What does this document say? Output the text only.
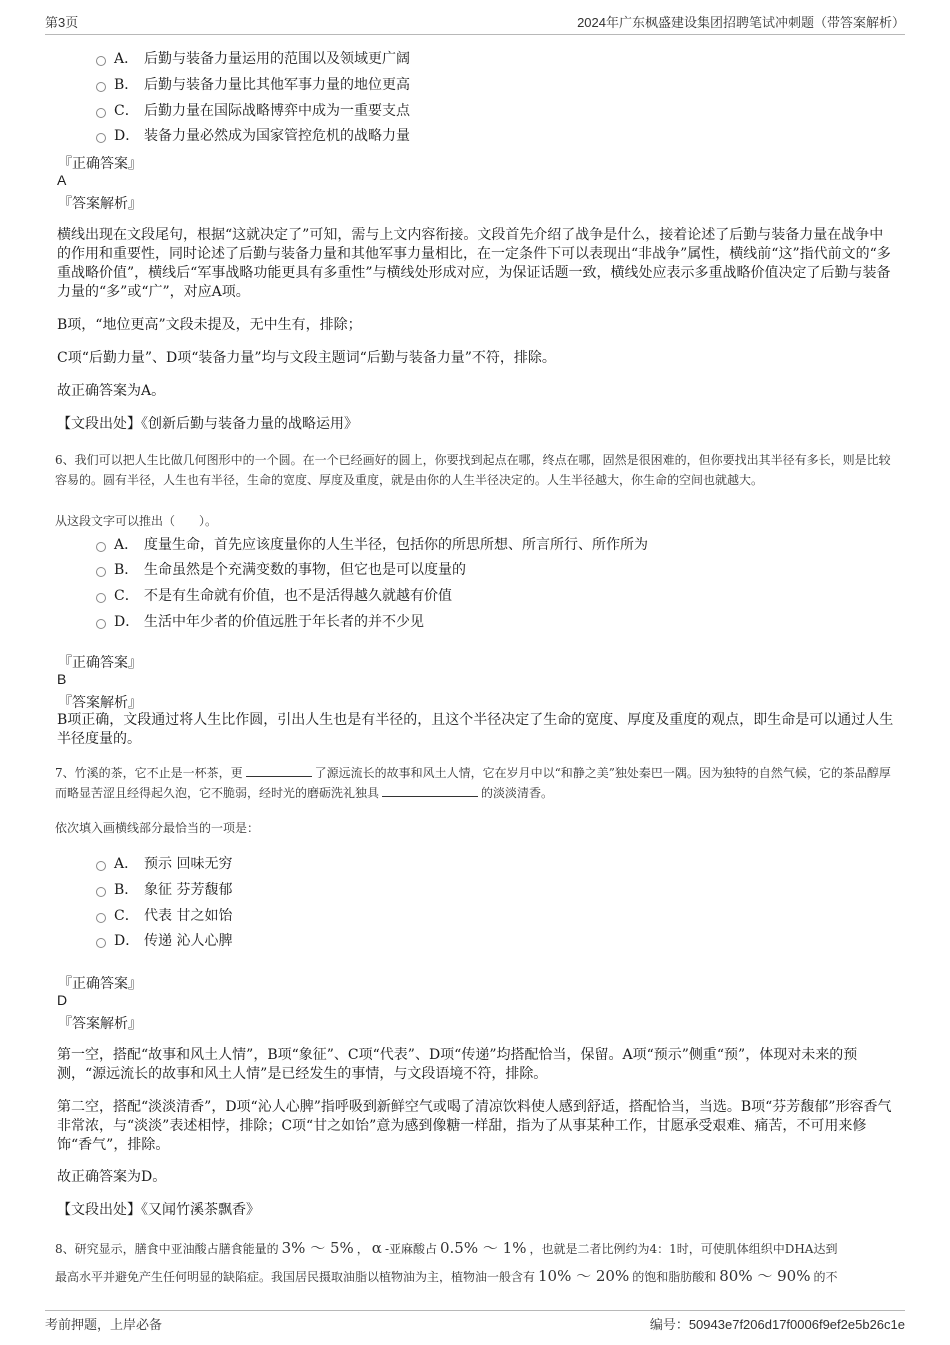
第3页	2024年广东枫盛建设集团招聘笔试冲刺题（带答案解析）
A． 后勤与装备力量运用的范围以及领域更广阔
B． 后勤与装备力量比其他军事力量的地位更高
C． 后勤力量在国际战略博弈中成为一重要支点
D． 装备力量必然成为国家管控危机的战略力量
『正确答案』
A
『答案解析』
横线出现在文段尾句，根据“这就决定了”可知，需与上文内容衔接。文段首先介绍了战争是什么，接着论述了后勤与装备力量在战争中的作用和重要性，同时论述了后勤与装备力量和其他军事力量相比，在一定条件下可以表现出“非战争”属性，横线前“这”指代前文的“多重战略价值”，横线后“军事战略功能更具有多重性”与横线处形成对应，为保证话题一致，横线处应表示多重战略价值决定了后勤与装备力量的“多”或“广”，对应A项。
B项，“地位更高”文段未提及，无中生有，排除；
C项“后勤力量”、D项“装备力量”均与文段主题词“后勤与装备力量”不符，排除。
故正确答案为A。
【文段出处】《创新后勤与装备力量的战略运用》
6、我们可以把人生比做几何图形中的一个圆。在一个已经画好的圆上，你要找到起点在哪，终点在哪，固然是很困难的，但你要找出其半径有多长，则是比较容易的。圆有半径，人生也有半径，生命的宽度、厚度及重度，就是由你的人生半径决定的。人生半径越大，你生命的空间也就越大。
从这段文字可以推出（　　）。
A． 度量生命，首先应该度量你的人生半径，包括你的所思所想、所言所行、所作所为
B． 生命虽然是个充满变数的事物，但它也是可以度量的
C． 不是有生命就有价值，也不是活得越久就越有价值
D． 生活中年少者的价值远胜于年长者的并不少见
『正确答案』
B
『答案解析』
B项正确，文段通过将人生比作圆，引出人生也是有半径的，且这个半径决定了生命的宽度、厚度及重度的观点，即生命是可以通过人生半径度量的。
7、竹溪的茶，它不止是一杯茶，更	了源远流长的故事和风土人情，它在岁月中以“和静之美”独处秦巴一隅。因为独特的自然气候，它的茶品醇厚而略显苦涩且经得起久泡，它不脆弱，经时光的磨砺洗礼独具	的淡淡清香。
依次填入画横线部分最恰当的一项是：
A． 预示 回味无穷
B． 象征 芬芳馥郁
C． 代表 甘之如饴
D． 传递 沁人心脾
『正确答案』
D
『答案解析』
第一空，搭配“故事和风土人情”，B项“象征”、C项“代表”、D项“传递”均搭配恰当，保留。A项“预示”侧重“预”，体现对未来的预测，“源远流长的故事和风土人情”是已经发生的事情，与文段语境不符，排除。
第二空，搭配“淡淡清香”，D项“沁人心脾”指呼吸到新鲜空气或喝了清凉饮料使人感到舒适，搭配恰当，当选。B项“芬芳馥郁”形容香气非常浓，与“淡淡”表述相悖，排除；C项“甘之如饴”意为感到像糖一样甜，指为了从事某种工作，甘愿承受艰难、痛苦，不可用来修饰“香气”，排除。
故正确答案为D。
【文段出处】《又闻竹溪茶飘香》
8、研究显示，膳食中亚油酸占膳食能量的 3% ～ 5% ， α -亚麻酸占 0.5% ～ 1% ，也就是二者比例约为4：1时，可使肌体组织中DHA达到
最高水平并避免产生任何明显的缺陷症。我国居民摄取油脂以植物油为主，植物油一般含有 10% ～ 20% 的饱和脂肪酸和 80% ～ 90% 的不
考前押题，上岸必备	编号：50943e7f206d17f0006f9ef2e5b26c1e
